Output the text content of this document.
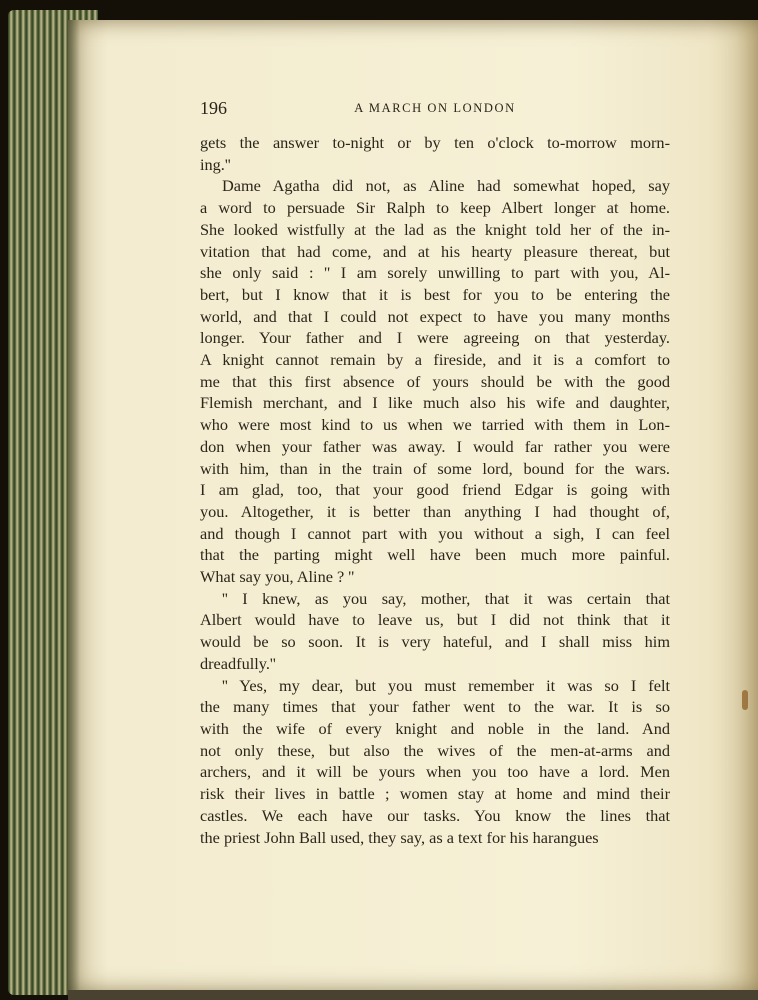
196	A MARCH ON LONDON
gets the answer to-night or by ten o'clock to-morrow morn-
ing.''
Dame Agatha did not, as Aline had somewhat hoped, say
a word to persuade Sir Ralph to keep Albert longer at home.
She looked wistfully at the lad as the knight told her of the in-
vitation that had come, and at his hearty pleasure thereat, but
she only said : '' I am sorely unwilling to part with you, Al-
bert, but I know that it is best for you to be entering the
world, and that I could not expect to have you many months
longer. Your father and I were agreeing on that yesterday.
A knight cannot remain by a fireside, and it is a comfort to
me that this first absence of yours should be with the good
Flemish merchant, and I like much also his wife and daughter,
who were most kind to us when we tarried with them in Lon-
don when your father was away. I would far rather you were
with him, than in the train of some lord, bound for the wars.
I am glad, too, that your good friend Edgar is going with
you. Altogether, it is better than anything I had thought of,
and though I cannot part with you without a sigh, I can feel
that the parting might well have been much more painful.
What say you, Aline ? ''
'' I knew, as you say, mother, that it was certain that
Albert would have to leave us, but I did not think that it
would be so soon. It is very hateful, and I shall miss him
dreadfully.''
'' Yes, my dear, but you must remember it was so I felt
the many times that your father went to the war. It is so
with the wife of every knight and noble in the land. And
not only these, but also the wives of the men-at-arms and
archers, and it will be yours when you too have a lord. Men
risk their lives in battle ; women stay at home and mind their
castles. We each have our tasks. You know the lines that
the priest John Ball used, they say, as a text for his harangues
